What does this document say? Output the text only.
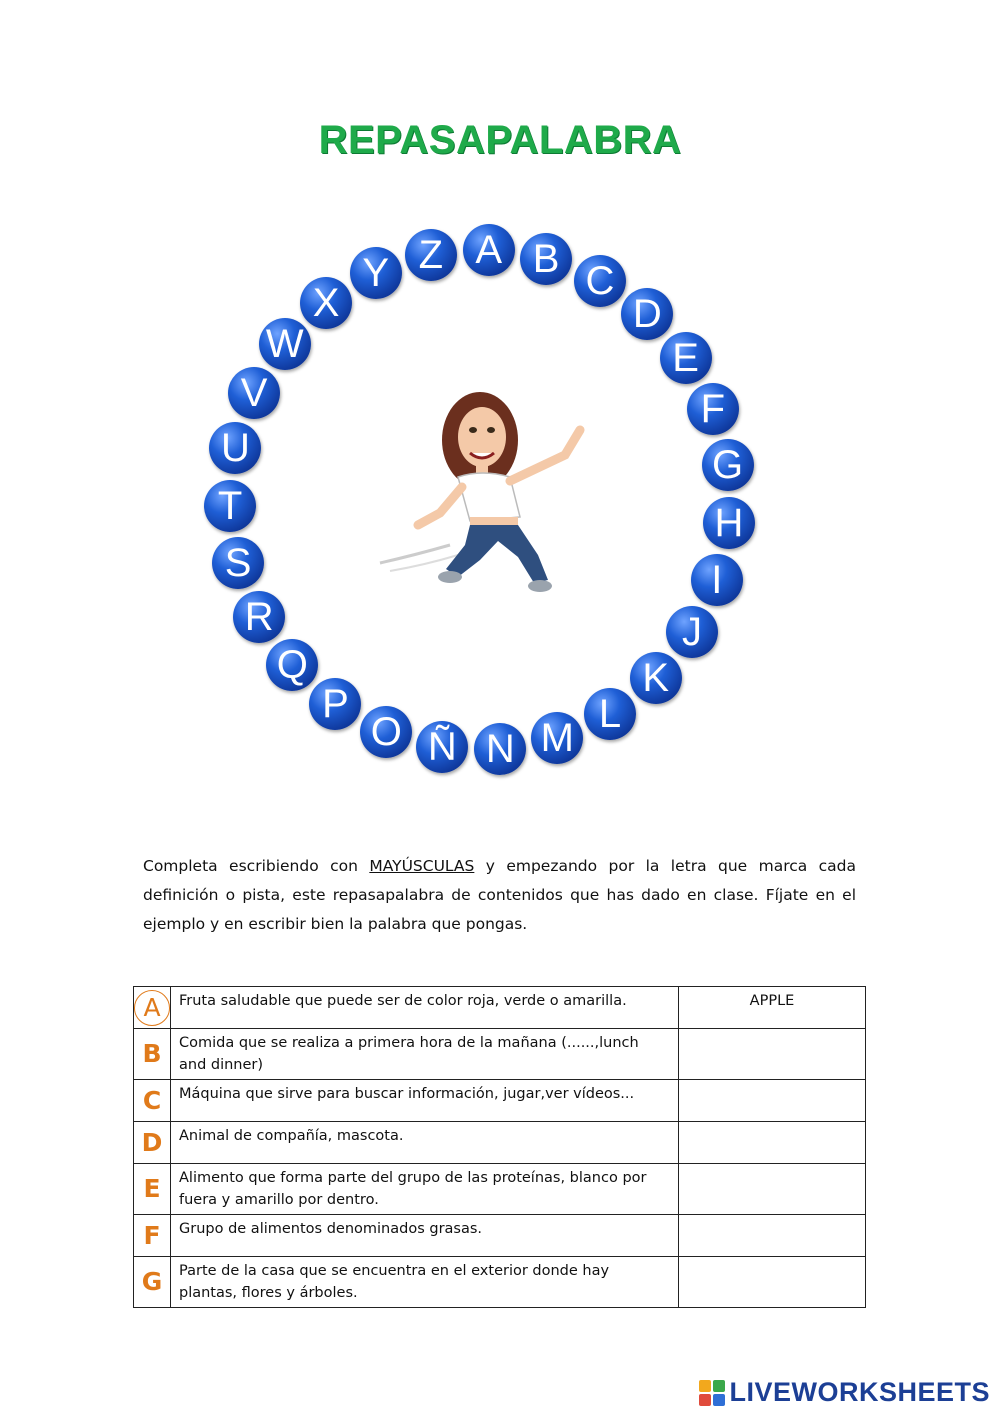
REPASAPALABRA
A B C
D
E
F
G
H
I
J
K
L
M
N
Ñ
O
P
Q
R
S
T
U
V
W
X
Y Z
Completa escribiendo con MAYÚSCULAS y empezando por la letra que marca cada definición o pista, este repasapalabra de contenidos que has dado en clase. Fíjate en el ejemplo y en escribir bien la palabra que pongas.
A	Fruta saludable que puede ser de color roja, verde o amarilla.	APPLE
B	Comida que se realiza a primera hora de la mañana (......,lunch and dinner)	
C	Máquina que sirve para buscar información, jugar,ver vídeos...	
D	Animal de compañía, mascota.	
E	Alimento que forma parte del grupo de las proteínas, blanco por fuera y amarillo por dentro.	
F	Grupo de alimentos denominados grasas.	
G	Parte de la casa que se encuentra en el exterior donde hay plantas, flores y árboles.	
LIVEWORKSHEETS
